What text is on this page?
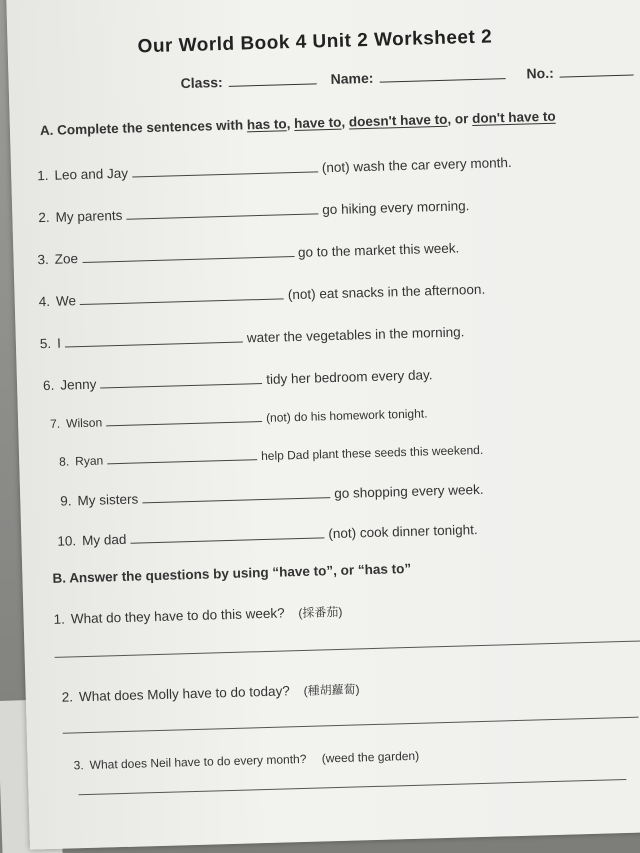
Our World Book 4 Unit 2 Worksheet 2
Class:	Name:	No.:
A. Complete the sentences with has to, have to, doesn't have to, or don't have to
1. Leo and Jay	(not) wash the car every month.
2. My parents	go hiking every morning.
3. Zoe	go to the market this week.
4. We	(not) eat snacks in the afternoon.
5. I	water the vegetables in the morning.
6. Jenny	tidy her bedroom every day.
7. Wilson	(not) do his homework tonight.
8. Ryan	help Dad plant these seeds this weekend.
9. My sisters	go shopping every week.
10. My dad	(not) cook dinner tonight.
B. Answer the questions by using “have to”, or “has to”
1. What do they have to do this week? (採番茄)
2. What does Molly have to do today? (種胡蘿蔔)
3. What does Neil have to do every month? (weed the garden)
